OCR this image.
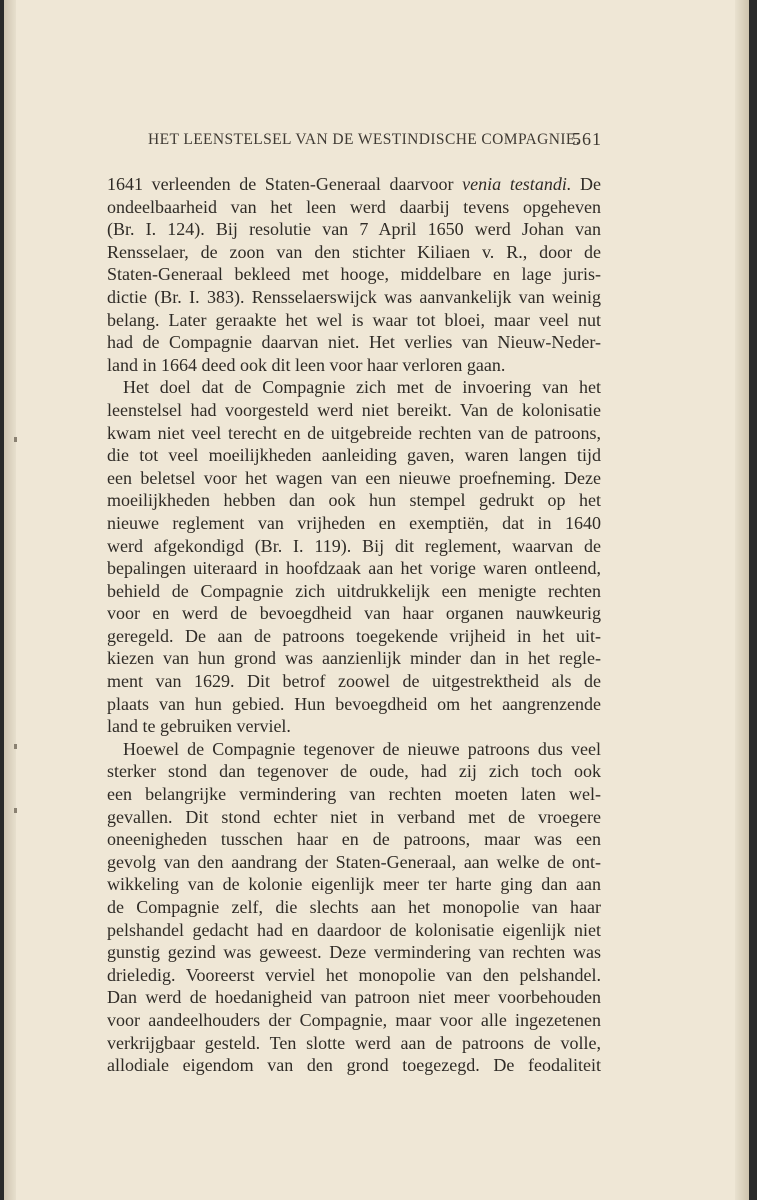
HET LEENSTELSEL VAN DE WESTINDISCHE COMPAGNIE.
561
1641 verleenden de Staten-Generaal daarvoor venia testandi. De
ondeelbaarheid van het leen werd daarbij tevens opgeheven
(Br. I. 124). Bij resolutie van 7 April 1650 werd Johan van
Rensselaer, de zoon van den stichter Kiliaen v. R., door de
Staten-Generaal bekleed met hooge, middelbare en lage juris-
dictie (Br. I. 383). Rensselaerswijck was aanvankelijk van weinig
belang. Later geraakte het wel is waar tot bloei, maar veel nut
had de Compagnie daarvan niet. Het verlies van Nieuw-Neder-
land in 1664 deed ook dit leen voor haar verloren gaan.
Het doel dat de Compagnie zich met de invoering van het
leenstelsel had voorgesteld werd niet bereikt. Van de kolonisatie
kwam niet veel terecht en de uitgebreide rechten van de patroons,
die tot veel moeilijkheden aanleiding gaven, waren langen tijd
een beletsel voor het wagen van een nieuwe proefneming. Deze
moeilijkheden hebben dan ook hun stempel gedrukt op het
nieuwe reglement van vrijheden en exemptiën, dat in 1640
werd afgekondigd (Br. I. 119). Bij dit reglement, waarvan de
bepalingen uiteraard in hoofdzaak aan het vorige waren ontleend,
behield de Compagnie zich uitdrukkelijk een menigte rechten
voor en werd de bevoegdheid van haar organen nauwkeurig
geregeld. De aan de patroons toegekende vrijheid in het uit-
kiezen van hun grond was aanzienlijk minder dan in het regle-
ment van 1629. Dit betrof zoowel de uitgestrektheid als de
plaats van hun gebied. Hun bevoegdheid om het aangrenzende
land te gebruiken verviel.
Hoewel de Compagnie tegenover de nieuwe patroons dus veel
sterker stond dan tegenover de oude, had zij zich toch ook
een belangrijke vermindering van rechten moeten laten wel-
gevallen. Dit stond echter niet in verband met de vroegere
oneenigheden tusschen haar en de patroons, maar was een
gevolg van den aandrang der Staten-Generaal, aan welke de ont-
wikkeling van de kolonie eigenlijk meer ter harte ging dan aan
de Compagnie zelf, die slechts aan het monopolie van haar
pelshandel gedacht had en daardoor de kolonisatie eigenlijk niet
gunstig gezind was geweest. Deze vermindering van rechten was
drieledig. Vooreerst verviel het monopolie van den pelshandel.
Dan werd de hoedanigheid van patroon niet meer voorbehouden
voor aandeelhouders der Compagnie, maar voor alle ingezetenen
verkrijgbaar gesteld. Ten slotte werd aan de patroons de volle,
allodiale eigendom van den grond toegezegd. De feodaliteit
